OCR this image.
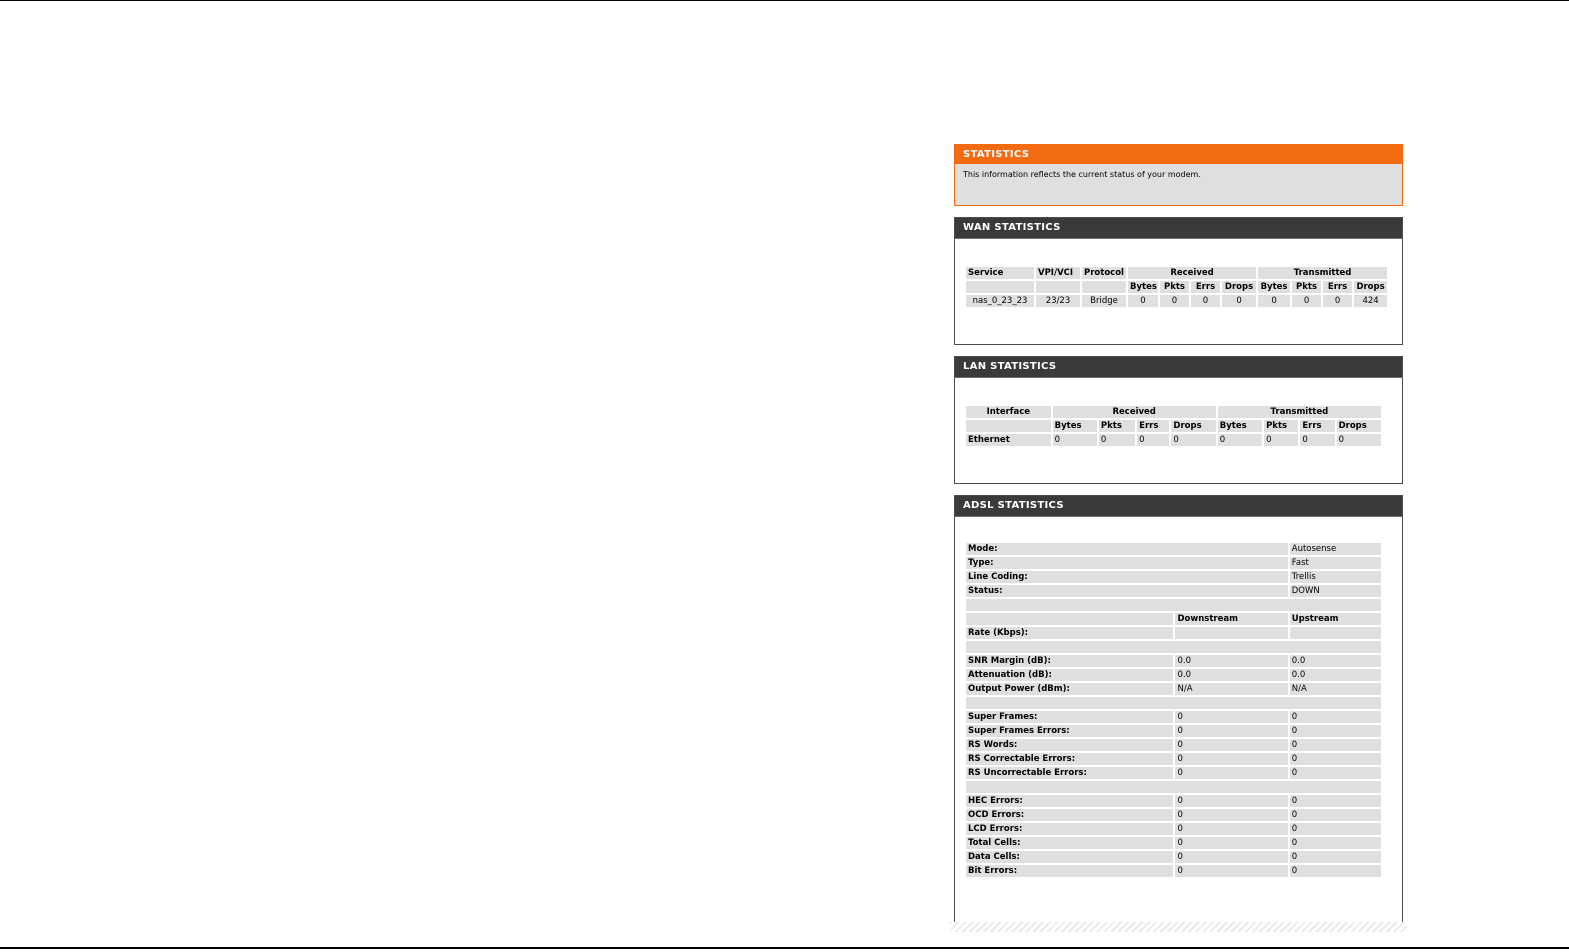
STATISTICS
This information reflects the current status of your modem.
WAN STATISTICS
Service	VPI/VCI	Protocol	Received				Transmitted			
			Bytes	Pkts	Errs	Drops	Bytes	Pkts	Errs	Drops
nas_0_23_23	23/23	Bridge	0	0	0	0	0	0	0	424
LAN STATISTICS
Interface	Received				Transmitted			
	Bytes	Pkts	Errs	Drops	Bytes	Pkts	Errs	Drops
Ethernet	0	0	0	0	0	0	0	0
ADSL STATISTICS
Mode:		Autosense
Type:		Fast
Line Coding:		Trellis
Status:		DOWN

	Downstream	Upstream
Rate (Kbps):		

SNR Margin (dB):	0.0	0.0
Attenuation (dB):	0.0	0.0
Output Power (dBm):	N/A	N/A

Super Frames:	0	0
Super Frames Errors:	0	0
RS Words:	0	0
RS Correctable Errors:	0	0
RS Uncorrectable Errors:	0	0

HEC Errors:	0	0
OCD Errors:	0	0
LCD Errors:	0	0
Total Cells:	0	0
Data Cells:	0	0
Bit Errors:	0	0
